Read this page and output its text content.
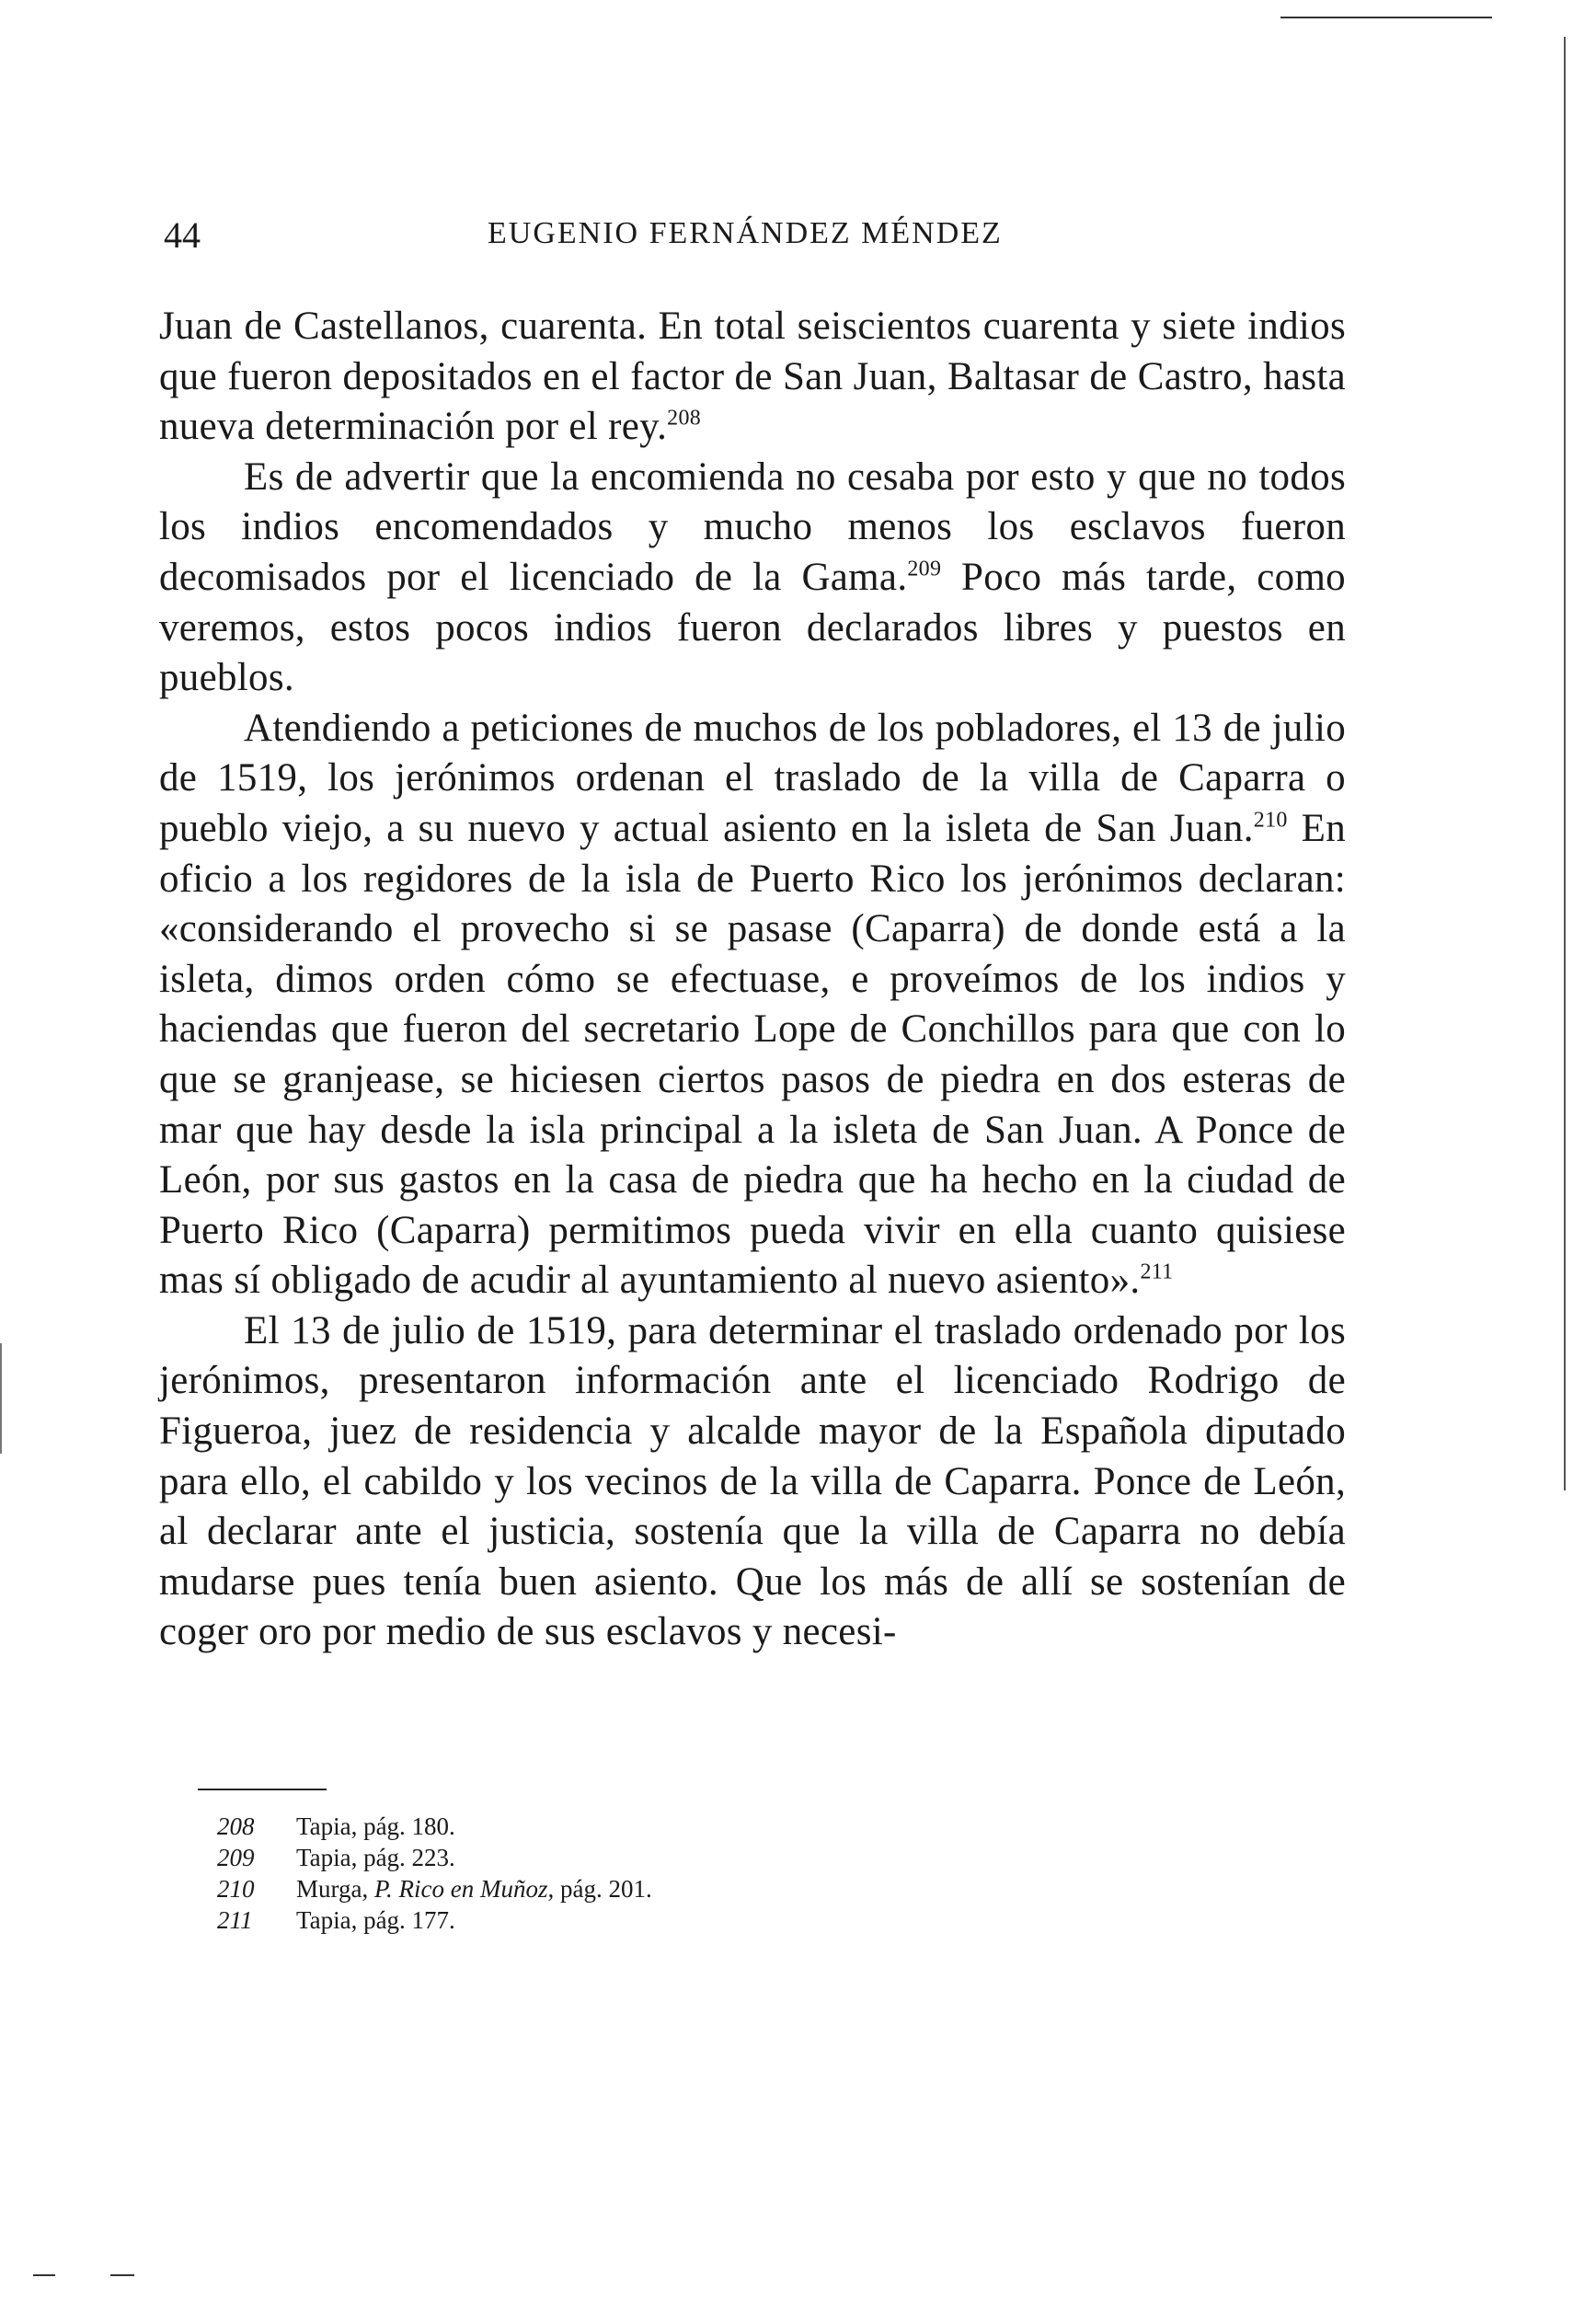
44	EUGENIO FERNÁNDEZ MÉNDEZ

Juan de Castellanos, cuarenta. En total seiscientos cuarenta y siete indios que fueron depositados en el factor de San Juan, Baltasar de Castro, hasta nueva determinación por el rey.$^{208}$

Es de advertir que la encomienda no cesaba por esto y que no todos los indios encomendados y mucho menos los esclavos fueron decomisados por el licenciado de la Gama.$^{209}$ Poco más tarde, como veremos, estos pocos indios fueron declarados libres y puestos en pueblos.

Atendiendo a peticiones de muchos de los pobladores, el 13 de julio de 1519, los jerónimos ordenan el traslado de la villa de Caparra o pueblo viejo, a su nuevo y actual asiento en la isleta de San Juan.$^{210}$ En oficio a los regidores de la isla de Puerto Rico los jerónimos declaran: «considerando el provecho si se pasase (Caparra) de donde está a la isleta, dimos orden cómo se efectuase, e proveímos de los indios y haciendas que fueron del secretario Lope de Conchillos para que con lo que se granjease, se hiciesen ciertos pasos de piedra en dos esteras de mar que hay desde la isla principal a la isleta de San Juan. A Ponce de León, por sus gastos en la casa de piedra que ha hecho en la ciudad de Puerto Rico (Caparra) permitimos pueda vivir en ella cuanto quisiese mas sí obligado de acudir al ayuntamiento al nuevo asiento».$^{211}$

El 13 de julio de 1519, para determinar el traslado ordenado por los jerónimos, presentaron información ante el licenciado Rodrigo de Figueroa, juez de residencia y alcalde mayor de la Española diputado para ello, el cabildo y los vecinos de la villa de Caparra. Ponce de León, al declarar ante el justicia, sostenía que la villa de Caparra no debía mudarse pues tenía buen asiento. Que los más de allí se sostenían de coger oro por medio de sus esclavos y necesi-

208 Tapia, pág. 180.
209 Tapia, pág. 223.
210 Murga, P. Rico en Muñoz, pág. 201.
211 Tapia, pág. 177.
